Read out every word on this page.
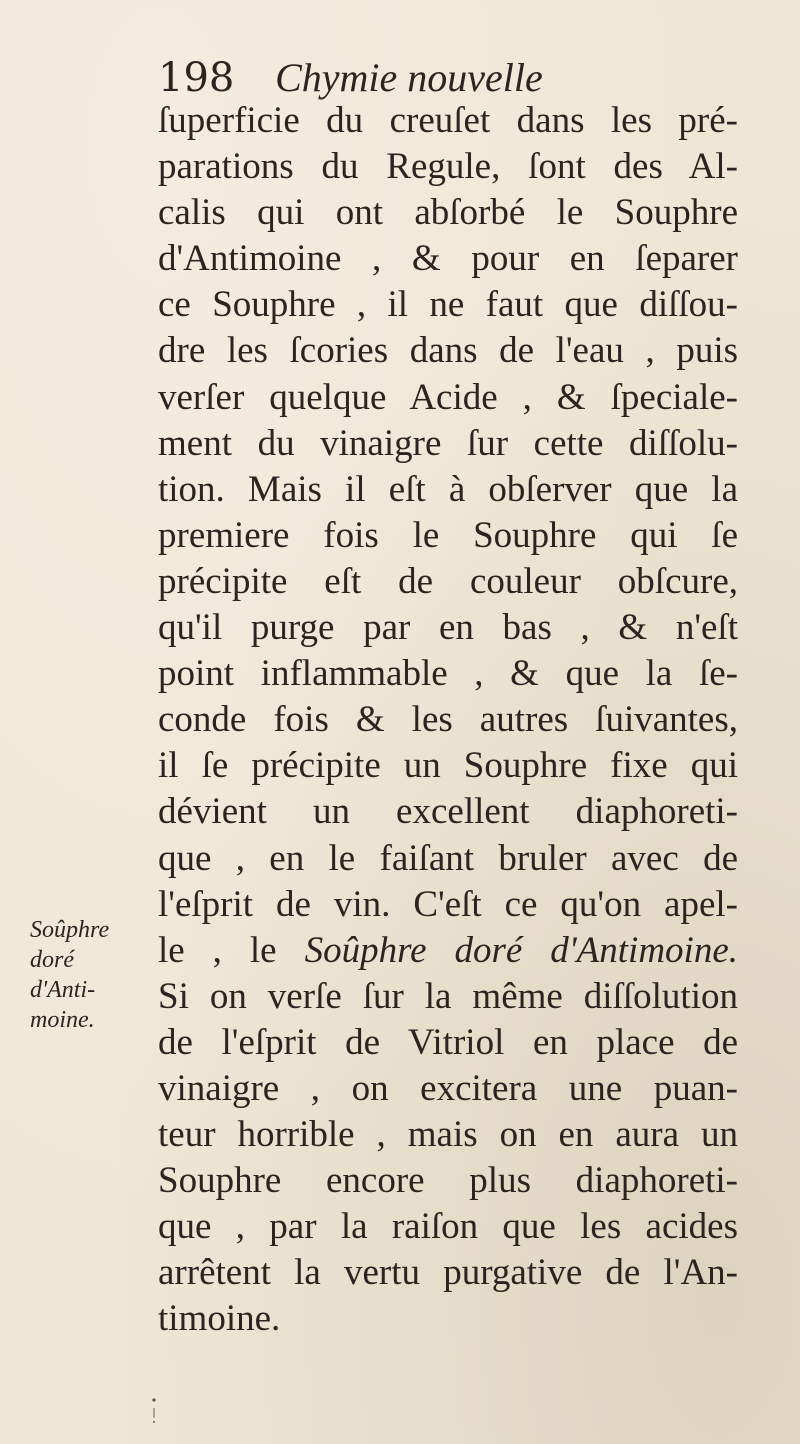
198 Chymie nouvelle
ſuperficie du creuſet dans les pré-
parations du Regule, ſont des Al-
calis qui ont abſorbé le Souphre
d'Antimoine , & pour en ſeparer
ce Souphre , il ne faut que diſſou-
dre les ſcories dans de l'eau , puis
verſer quelque Acide , & ſpeciale-
ment du vinaigre ſur cette diſſolu-
tion. Mais il eſt à obſerver que la
premiere fois le Souphre qui ſe
précipite eſt de couleur obſcure,
qu'il purge par en bas , & n'eſt
point inflammable , & que la ſe-
conde fois & les autres ſuivantes,
il ſe précipite un Souphre fixe qui
dévient un excellent diaphoreti-
que , en le faiſant bruler avec de
l'eſprit de vin. C'eſt ce qu'on apel-
le , le Soûphre doré d'Antimoine.
Si on verſe ſur la même diſſolution
de l'eſprit de Vitriol en place de
vinaigre , on excitera une puan-
teur horrible , mais on en aura un
Souphre encore plus diaphoreti-
que , par la raiſon que les acides
arrêtent la vertu purgative de l'An-
timoine.
Soûphre
doré
d'Anti-
moine.
